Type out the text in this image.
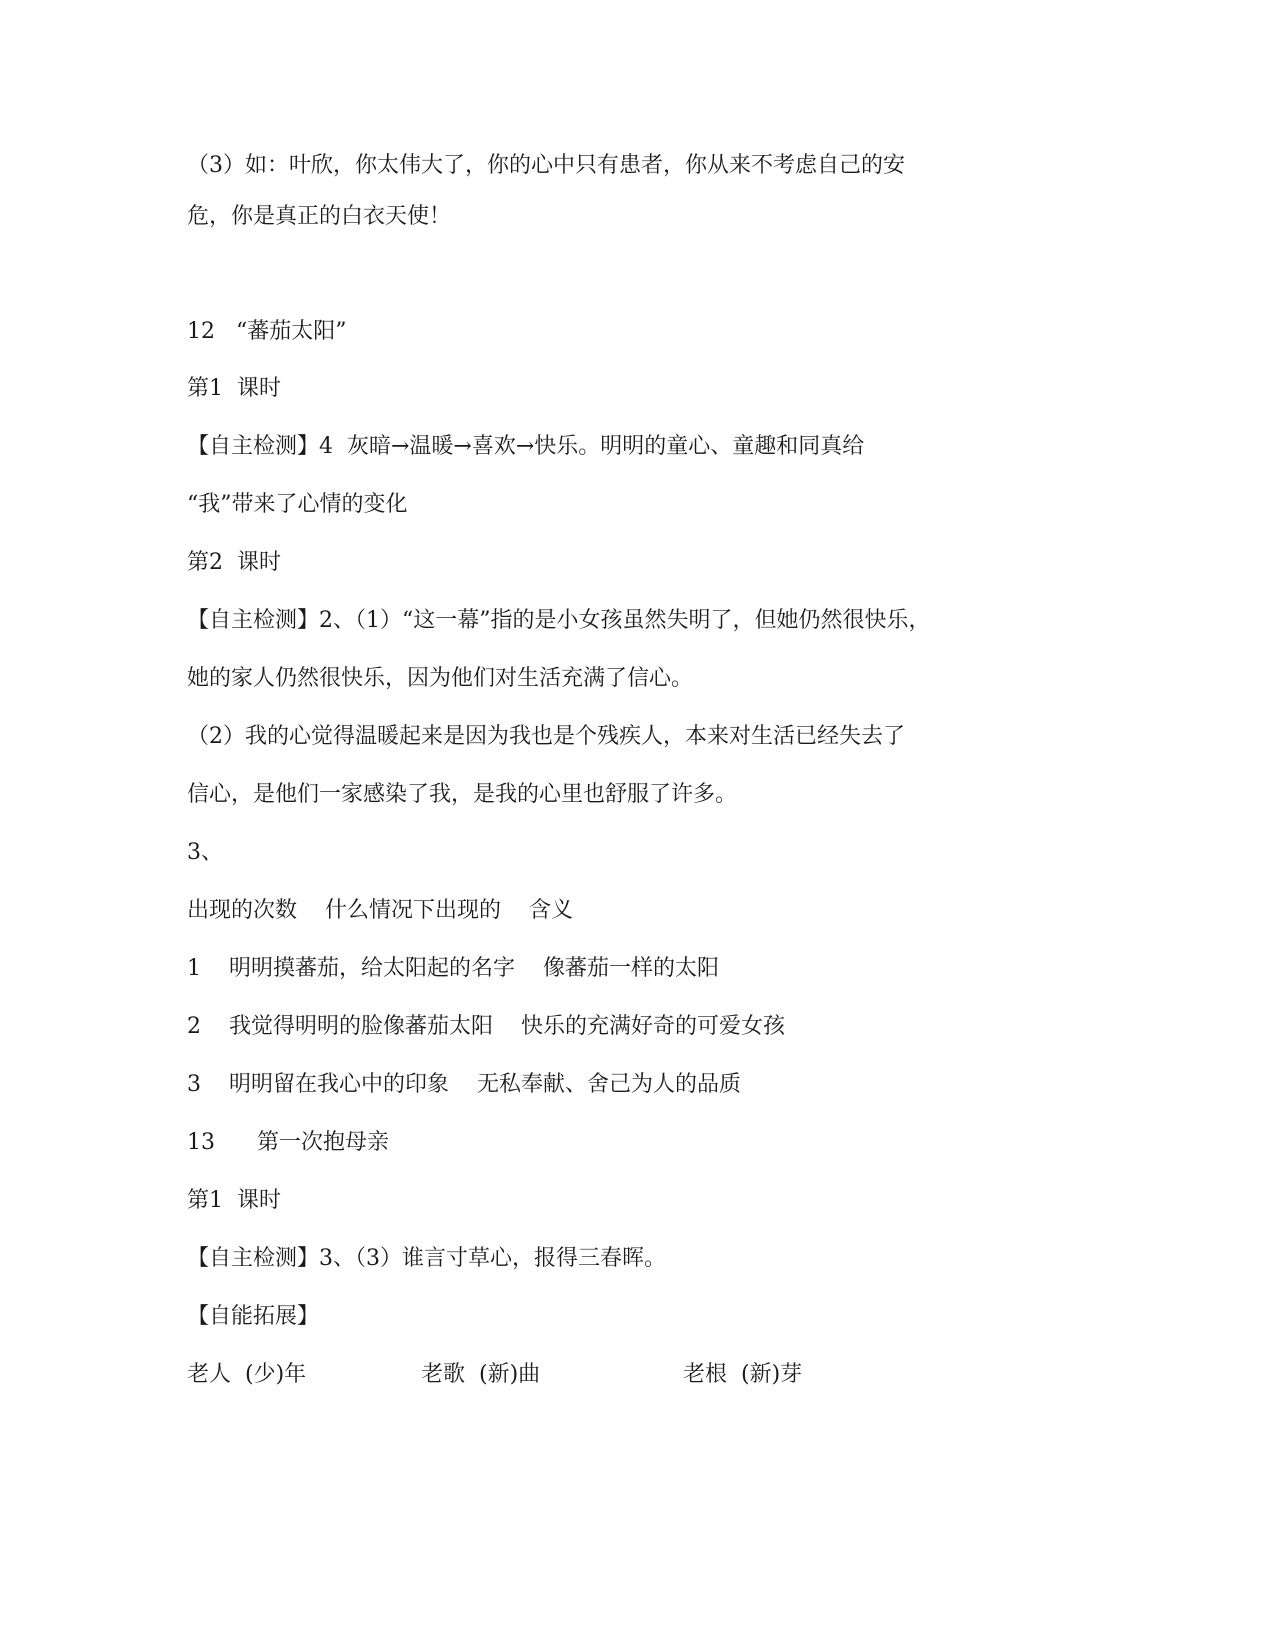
（3）如：叶欣，你太伟大了，你的心中只有患者，你从来不考虑自己的安
危，你是真正的白衣天使！
12   “蕃茄太阳”
第1  课时
【自主检测】4  灰暗→温暖→喜欢→快乐。明明的童心、童趣和同真给
“我”带来了心情的变化
第2  课时
【自主检测】2、（1）“这一幕”指的是小女孩虽然失明了，但她仍然很快乐，
她的家人仍然很快乐，因为他们对生活充满了信心。
（2）我的心觉得温暖起来是因为我也是个残疾人，本来对生活已经失去了
信心，是他们一家感染了我，是我的心里也舒服了许多。
3、
出现的次数    什么情况下出现的    含义
1    明明摸蕃茄，给太阳起的名字    像蕃茄一样的太阳
2    我觉得明明的脸像蕃茄太阳    快乐的充满好奇的可爱女孩
3    明明留在我心中的印象    无私奉献、舍己为人的品质
13      第一次抱母亲
第1  课时
【自主检测】3、（3）谁言寸草心，报得三春晖。
【自能拓展】
老人  (少)年	老歌  (新)曲	老根  (新)芽
